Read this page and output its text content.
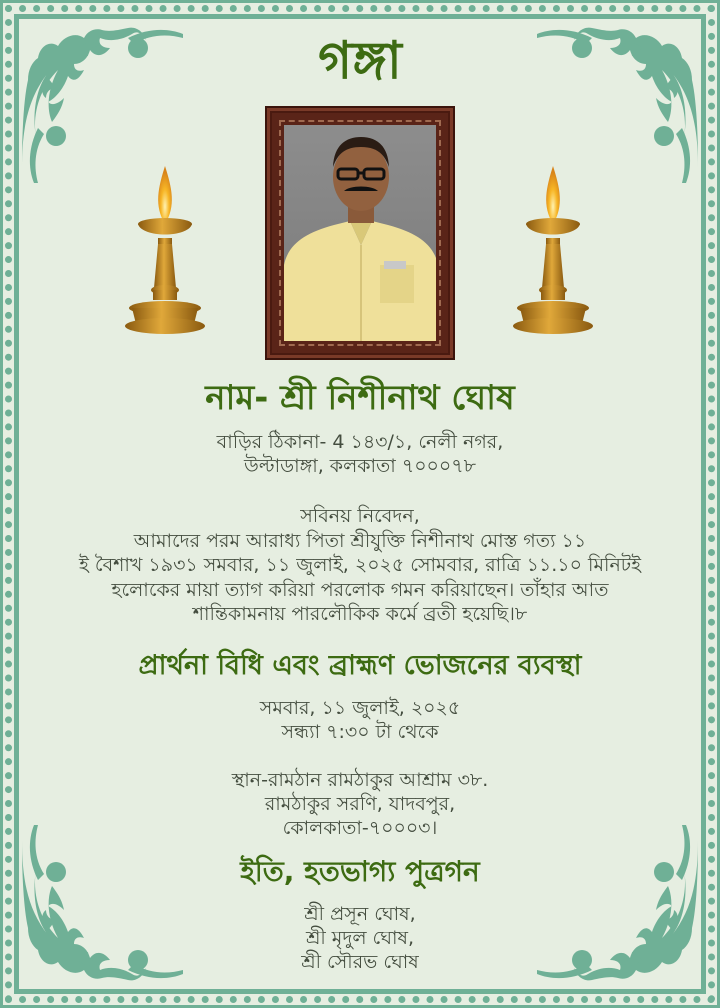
গঙ্গা
নাম- শ্রী নিশীনাথ ঘোষ
বাড়ির ঠিকানা- 4 ১৪৩/১, নেলী নগর,
উল্টাডাঙ্গা, কলকাতা ৭০০০৭৮
সবিনয় নিবেদন,
আমাদের পরম আরাধ্য পিতা শ্রীযুক্তি নিশীনাথ মোস্ত গত্য ১১
ই বৈশাখ ১৯৩১ সমবার, ১১ জুলাই, ২০২৫ সোমবার, রাত্রি ১১.১০ মিনিটই
হলোকের মায়া ত্যাগ করিয়া পরলোক গমন করিয়াছেন। তাঁহার আত
শান্তিকামনায় পারলৌকিক কর্মে ব্রতী হয়েছি।৮
প্রার্থনা বিধি এবং ব্রাহ্মণ ভোজনের ব্যবস্থা
সমবার, ১১ জুলাই, ২০২৫
সন্ধ্যা ৭:৩০ টা থেকে
স্থান-রামঠান রামঠাকুর আশ্রাম ৩৮.
রামঠাকুর সরণি, যাদবপুর,
কোলকাতা-৭০০০৩।
ইতি, হতভাগ্য পুত্রগন
শ্রী প্রসূন ঘোষ,
শ্রী মৃদুল ঘোষ,
শ্রী সৌরভ ঘোষ
